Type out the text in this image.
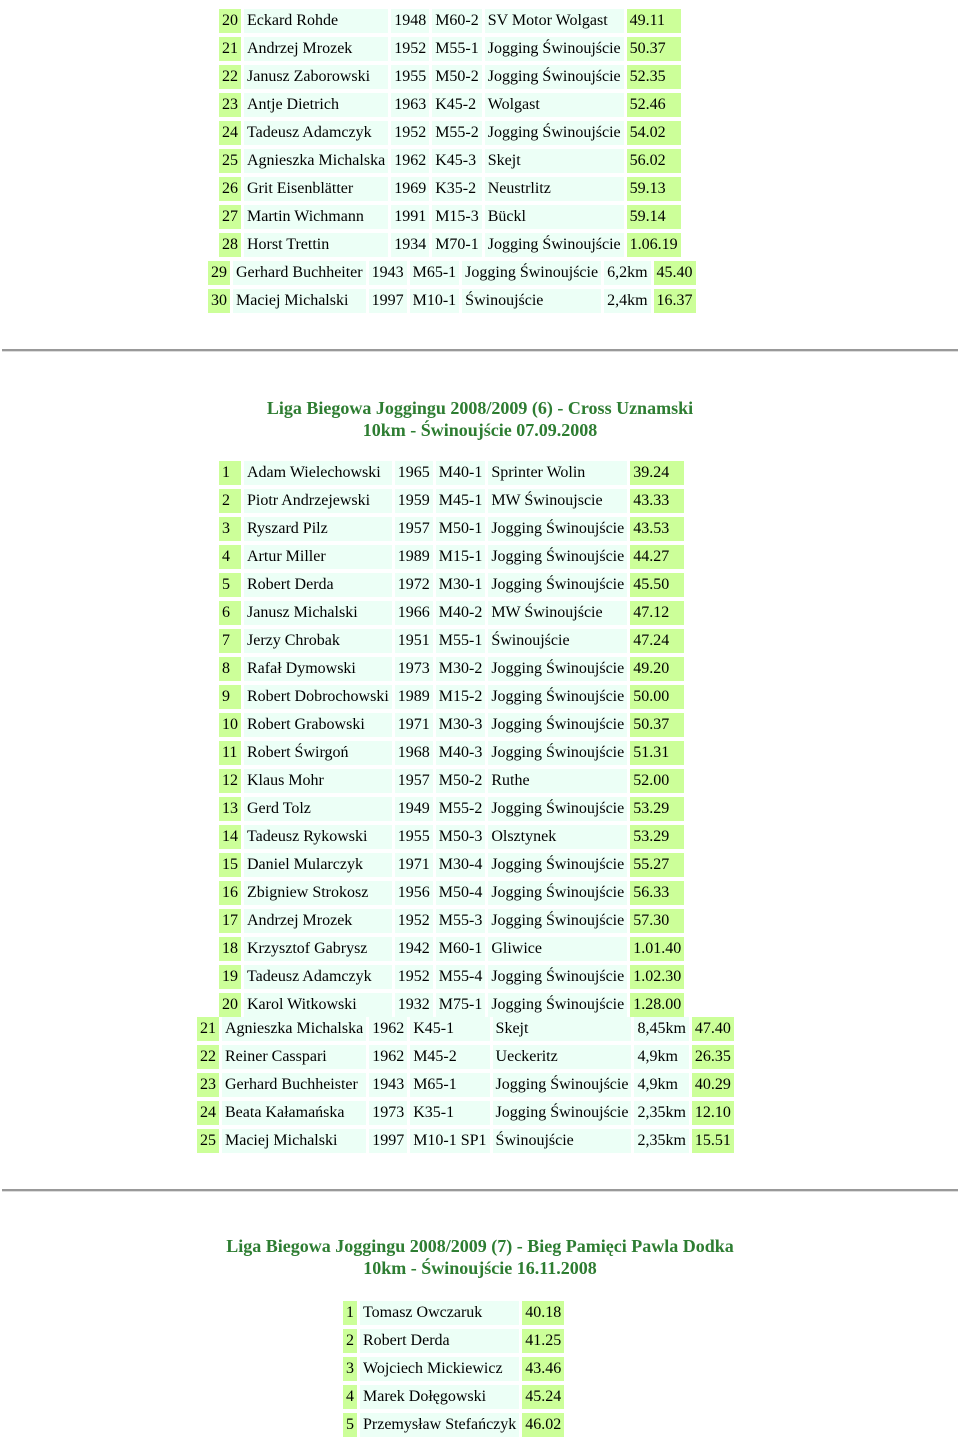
20	Eckard Rohde	1948	M60-2	SV Motor Wolgast	49.11
21	Andrzej Mrozek	1952	M55-1	Jogging Świnoujście	50.37
22	Janusz Zaborowski	1955	M50-2	Jogging Świnoujście	52.35
23	Antje Dietrich	1963	K45-2	Wolgast	52.46
24	Tadeusz Adamczyk	1952	M55-2	Jogging Świnoujście	54.02
25	Agnieszka Michalska	1962	K45-3	Skejt	56.02
26	Grit Eisenblätter	1969	K35-2	Neustrlitz	59.13
27	Martin Wichmann	1991	M15-3	Bückl	59.14
28	Horst Trettin	1934	M70-1	Jogging Świnoujście	1.06.19
29	Gerhard Buchheiter	1943	M65-1	Jogging Świnoujście	6,2km	45.40
30	Maciej Michalski	1997	M10-1	Świnoujście	2,4km	16.37
Liga Biegowa Joggingu 2008/2009 (6) - Cross Uznamski
10km - Świnoujście 07.09.2008
1	Adam Wielechowski	1965	M40-1	Sprinter Wolin	39.24
2	Piotr Andrzejewski	1959	M45-1	MW Świnoujscie	43.33
3	Ryszard Pilz	1957	M50-1	Jogging Świnoujście	43.53
4	Artur Miller	1989	M15-1	Jogging Świnoujście	44.27
5	Robert Derda	1972	M30-1	Jogging Świnoujście	45.50
6	Janusz Michalski	1966	M40-2	MW Świnoujście	47.12
7	Jerzy Chrobak	1951	M55-1	Świnoujście	47.24
8	Rafał Dymowski	1973	M30-2	Jogging Świnoujście	49.20
9	Robert Dobrochowski	1989	M15-2	Jogging Świnoujście	50.00
10	Robert Grabowski	1971	M30-3	Jogging Świnoujście	50.37
11	Robert Świrgoń	1968	M40-3	Jogging Świnoujście	51.31
12	Klaus Mohr	1957	M50-2	Ruthe	52.00
13	Gerd Tolz	1949	M55-2	Jogging Świnoujście	53.29
14	Tadeusz Rykowski	1955	M50-3	Olsztynek	53.29
15	Daniel Mularczyk	1971	M30-4	Jogging Świnoujście	55.27
16	Zbigniew Strokosz	1956	M50-4	Jogging Świnoujście	56.33
17	Andrzej Mrozek	1952	M55-3	Jogging Świnoujście	57.30
18	Krzysztof Gabrysz	1942	M60-1	Gliwice	1.01.40
19	Tadeusz Adamczyk	1952	M55-4	Jogging Świnoujście	1.02.30
20	Karol Witkowski	1932	M75-1	Jogging Świnoujście	1.28.00
21	Agnieszka Michalska	1962	K45-1	Skejt	8,45km	47.40
22	Reiner Casspari	1962	M45-2	Ueckeritz	4,9km	26.35
23	Gerhard Buchheister	1943	M65-1	Jogging Świnoujście	4,9km	40.29
24	Beata Kałamańska	1973	K35-1	Jogging Świnoujście	2,35km	12.10
25	Maciej Michalski	1997	M10-1 SP1	Świnoujście	2,35km	15.51
Liga Biegowa Joggingu 2008/2009 (7) - Bieg Pamięci Pawla Dodka
10km - Świnoujście 16.11.2008
1	Tomasz Owczaruk	40.18
2	Robert Derda	41.25
3	Wojciech Mickiewicz	43.46
4	Marek Dołęgowski	45.24
5	Przemysław Stefańczyk	46.02
